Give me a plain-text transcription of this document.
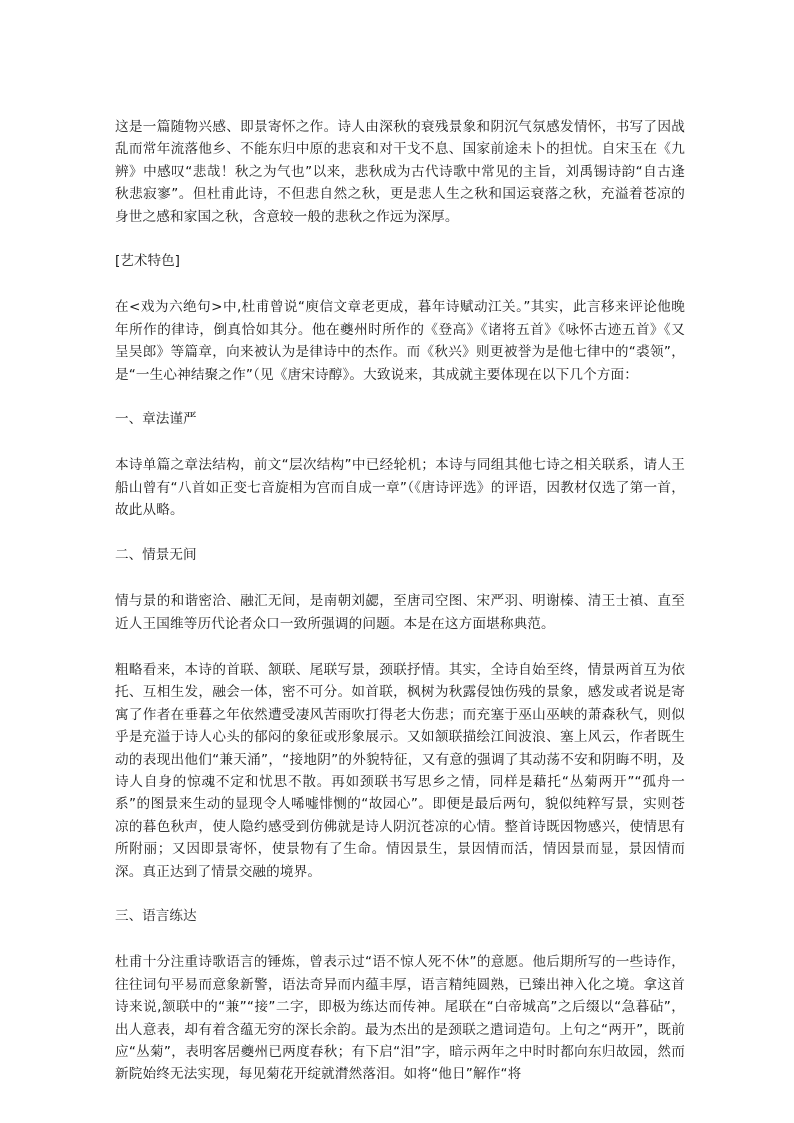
这是一篇随物兴感、即景寄怀之作。诗人由深秋的衰残景象和阴沉气氛感发情怀，书写了因战乱而常年流落他乡、不能东归中原的悲哀和对干戈不息、国家前途未卜的担忧。自宋玉在《九辨》中感叹“悲哉！秋之为气也”以来，悲秋成为古代诗歌中常见的主旨，刘禹锡诗韵“自古逢秋悲寂寥”。但杜甫此诗，不但悲自然之秋，更是悲人生之秋和国运衰落之秋，充溢着苍凉的身世之感和家国之秋，含意较一般的悲秋之作远为深厚。

[艺术特色]

在<戏为六绝句>中,杜甫曾说“庾信文章老更成，暮年诗赋动江关。”其实，此言移来评论他晚年所作的律诗，倒真恰如其分。他在夔州时所作的《登高》《诸将五首》《咏怀古迹五首》《又呈吴郎》等篇章，向来被认为是律诗中的杰作。而《秋兴》则更被誉为是他七律中的“裘领”，是“一生心神结聚之作”（见《唐宋诗醇》。大致说来，其成就主要体现在以下几个方面：

一、章法谨严

本诗单篇之章法结构，前文“层次结构”中已经轮机；本诗与同组其他七诗之相关联系，请人王船山曾有“八首如正变七音旋相为宫而自成一章”（《唐诗评选》的评语，因教材仅选了第一首，故此从略。

二、情景无间

情与景的和谐密洽、融汇无间，是南朝刘勰，至唐司空图、宋严羽、明谢榛、清王士禛、直至近人王国维等历代论者众口一致所强调的问题。本是在这方面堪称典范。

粗略看来，本诗的首联、颔联、尾联写景，颈联抒情。其实，全诗自始至终，情景两首互为依托、互相生发，融会一体，密不可分。如首联，枫树为秋露侵蚀伤残的景象，感发或者说是寄寓了作者在垂暮之年依然遭受凄风苦雨吹打得老大伤悲；而充塞于巫山巫峡的萧森秋气，则似乎是充溢于诗人心头的郁闷的象征或形象展示。又如颔联描绘江间波浪、塞上风云，作者既生动的表现出他们“兼天涌”，“接地阴”的外貌特征，又有意的强调了其动荡不安和阴晦不明，及诗人自身的惊魂不定和忧思不散。再如颈联书写思乡之情，同样是藉托“丛菊两开”“孤舟一系”的图景来生动的显现令人唏嘘悱恻的“故园心”。即便是最后两句，貌似纯粹写景，实则苍凉的暮色秋声，使人隐约感受到仿佛就是诗人阴沉苍凉的心情。整首诗既因物感兴，使情思有所附丽；又因即景寄怀，使景物有了生命。情因景生，景因情而活，情因景而显，景因情而深。真正达到了情景交融的境界。

三、语言练达

杜甫十分注重诗歌语言的锤炼，曾表示过“语不惊人死不休”的意愿。他后期所写的一些诗作，往往词句平易而意象新警，语法奇异而内蕴丰厚，语言精纯圆熟，已臻出神入化之境。拿这首诗来说,颔联中的“兼”“接”二字，即极为练达而传神。尾联在“白帝城高”之后缀以“急暮砧”，出人意表，却有着含蕴无穷的深长余韵。最为杰出的是颈联之遣词造句。上句之“两开”，既前应“丛菊”，表明客居夔州已两度春秋；有下启“泪”字，暗示两年之中时时都向东归故园，然而新院始终无法实现，每见菊花开绽就潸然落泪。如将“他日”解作“将
